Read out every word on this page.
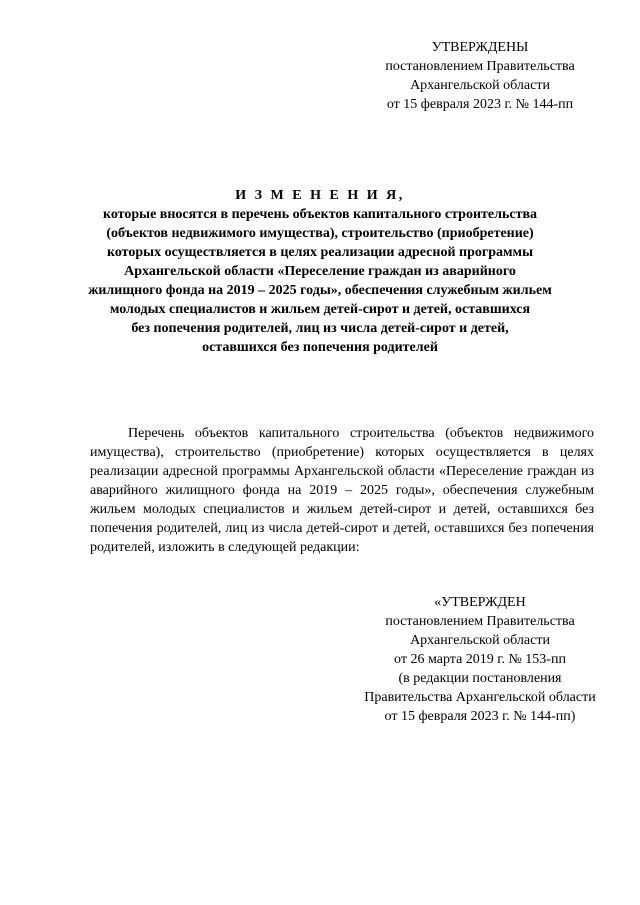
УТВЕРЖДЕНЫ
постановлением Правительства
Архангельской области
от 15 февраля 2023 г. № 144-пп
И З М Е Н Е Н И Я,
которые вносятся в перечень объектов капитального строительства
(объектов недвижимого имущества), строительство (приобретение)
которых осуществляется в целях реализации адресной программы
Архангельской области «Переселение граждан из аварийного
жилищного фонда на 2019 – 2025 годы», обеспечения служебным жильем
молодых специалистов и жильем детей-сирот и детей, оставшихся
без попечения родителей, лиц из числа детей-сирот и детей,
оставшихся без попечения родителей

Перечень объектов капитального строительства (объектов недвижимого имущества), строительство (приобретение) которых осуществляется в целях реализации адресной программы Архангельской области «Переселение граждан из аварийного жилищного фонда на 2019 – 2025 годы», обеспечения служебным жильем молодых специалистов и жильем детей-сирот и детей, оставшихся без попечения родителей, лиц из числа детей-сирот и детей, оставшихся без попечения родителей, изложить в следующей редакции:

«УТВЕРЖДЕН
постановлением Правительства
Архангельской области
от 26 марта 2019 г. № 153-пп
(в редакции постановления
Правительства Архангельской области
от 15 февраля 2023 г. № 144-пп)
